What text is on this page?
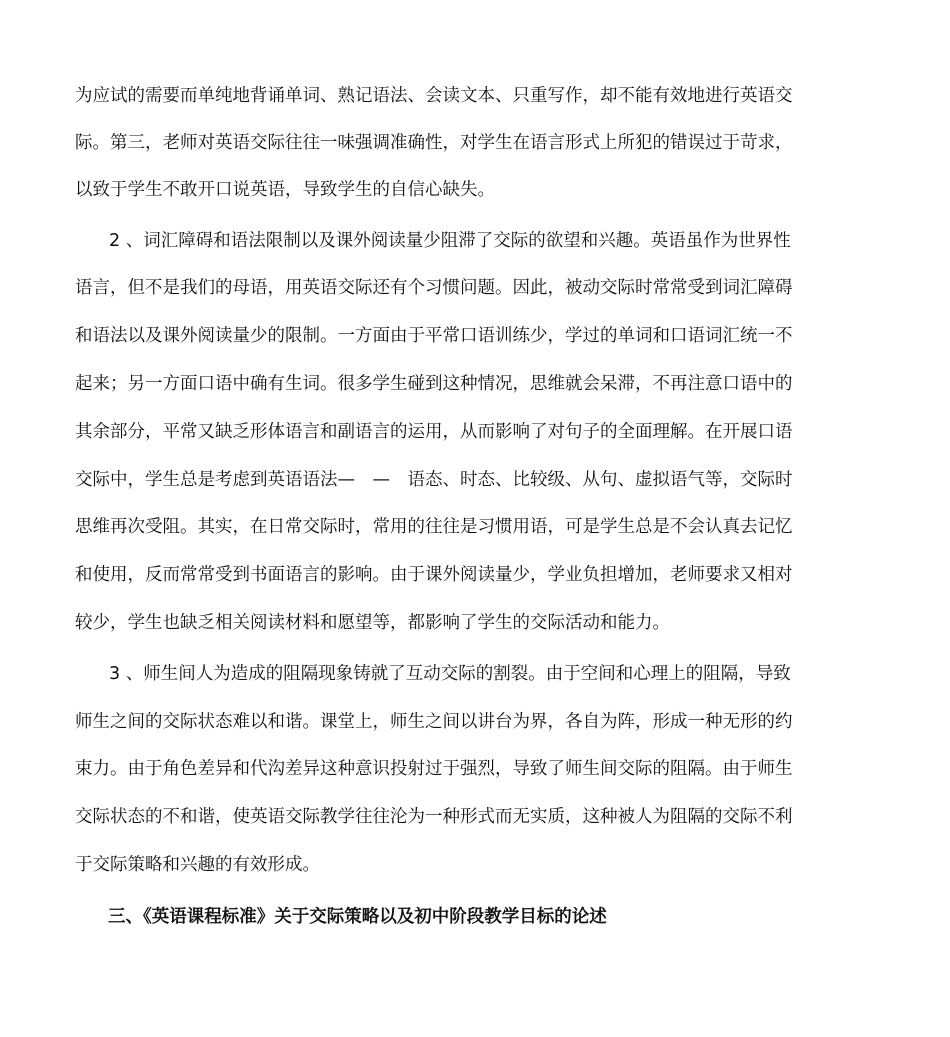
为应试的需要而单纯地背诵单词、熟记语法、会读文本、只重写作，却不能有效地进行英语交
际。第三，老师对英语交际往往一味强调准确性，对学生在语言形式上所犯的错误过于苛求，
以致于学生不敢开口说英语，导致学生的自信心缺失。
2 、词汇障碍和语法限制以及课外阅读量少阻滞了交际的欲望和兴趣。英语虽作为世界性
语言，但不是我们的母语，用英语交际还有个习惯问题。因此，被动交际时常常受到词汇障碍
和语法以及课外阅读量少的限制。一方面由于平常口语训练少，学过的单词和口语词汇统一不
起来；另一方面口语中确有生词。很多学生碰到这种情况，思维就会呆滞，不再注意口语中的
其余部分，平常又缺乏形体语言和副语言的运用，从而影响了对句子的全面理解。在开展口语
交际中，学生总是考虑到英语语法—　—　语态、时态、比较级、从句、虚拟语气等，交际时
思维再次受阻。其实，在日常交际时，常用的往往是习惯用语，可是学生总是不会认真去记忆
和使用，反而常常受到书面语言的影响。由于课外阅读量少，学业负担增加，老师要求又相对
较少，学生也缺乏相关阅读材料和愿望等，都影响了学生的交际活动和能力。
3 、师生间人为造成的阻隔现象铸就了互动交际的割裂。由于空间和心理上的阻隔，导致
师生之间的交际状态难以和谐。课堂上，师生之间以讲台为界，各自为阵，形成一种无形的约
束力。由于角色差异和代沟差异这种意识投射过于强烈，导致了师生间交际的阻隔。由于师生
交际状态的不和谐，使英语交际教学往往沦为一种形式而无实质，这种被人为阻隔的交际不利
于交际策略和兴趣的有效形成。
三、《英语课程标准》关于交际策略以及初中阶段教学目标的论述
